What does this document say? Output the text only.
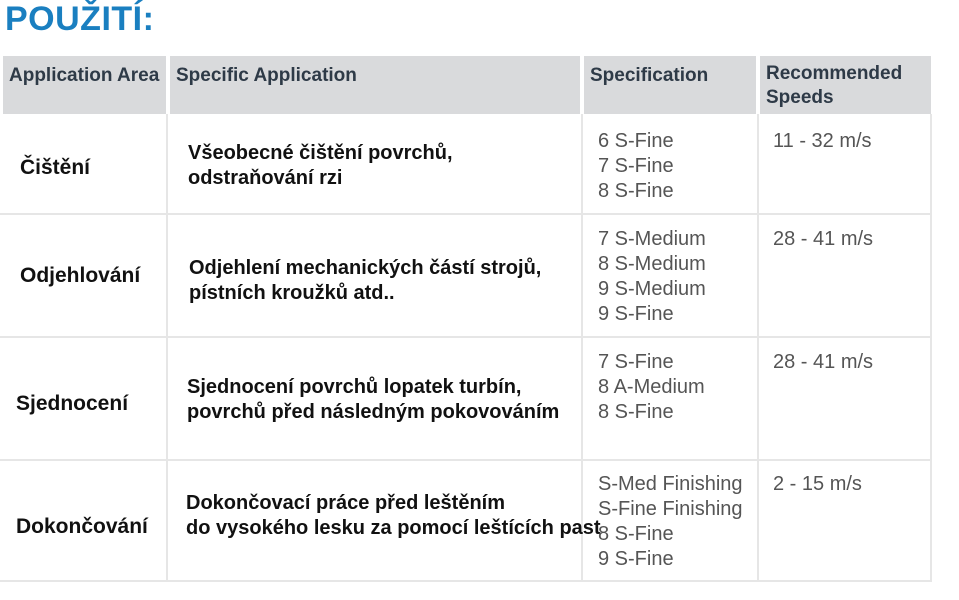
POUŽITÍ:
Application Area Specific Application	Specification	Recommended
Speeds
Čištění
Všeobecné čištění povrchů,
odstraňování rzi
6 S-Fine
7 S-Fine
8 S-Fine
11 - 32 m/s
Odjehlování Odjehlení mechanických částí strojů,
pístních kroužků atd..
7 S-Medium
8 S-Medium
9 S-Medium
9 S-Fine
28 - 41 m/s
Sjednocení
Sjednocení povrchů lopatek turbín,
povrchů před následným pokovováním
7 S-Fine
8 A-Medium
8 S-Fine
28 - 41 m/s
Dokončování
Dokončovací práce před leštěním
do vysokého lesku za pomocí leštících past
S-Med Finishing
S-Fine Finishing
8 S-Fine
9 S-Fine
2 - 15 m/s
